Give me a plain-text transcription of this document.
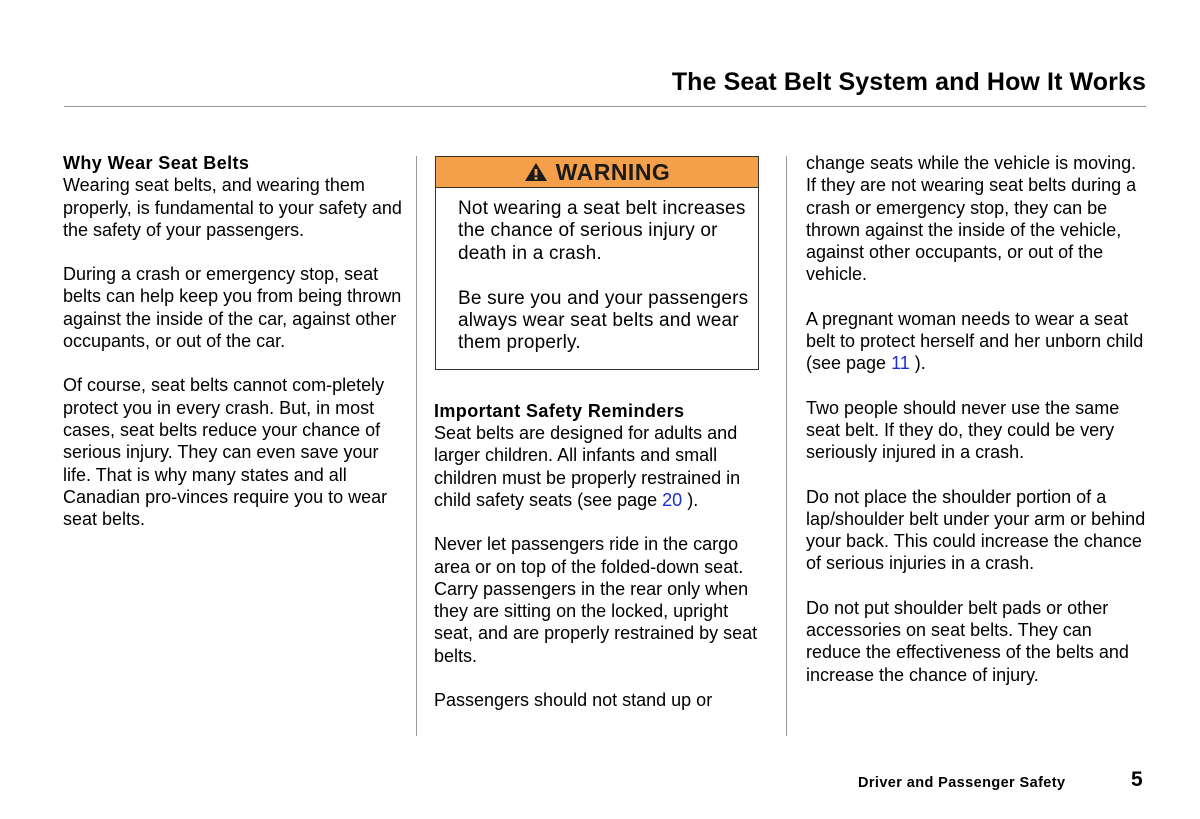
The Seat Belt System and How It Works
Why Wear Seat Belts

Wearing seat belts, and wearing them properly, is fundamental to your safety and the safety of your passengers.

During a crash or emergency stop, seat belts can help keep you from being thrown against the inside of the car, against other occupants, or out of the car.

Of course, seat belts cannot com-pletely protect you in every crash. But, in most cases, seat belts reduce your chance of serious injury. They can even save your life. That is why many states and all Canadian pro-vinces require you to wear seat belts.

WARNING

Not wearing a seat belt increases the chance of serious injury or death in a crash.

Be sure you and your passengers always wear seat belts and wear them properly.

Important Safety Reminders

Seat belts are designed for adults and larger children. All infants and small children must be properly restrained in child safety seats (see page 20 ).

Never let passengers ride in the cargo area or on top of the folded-down seat. Carry passengers in the rear only when they are sitting on the locked, upright seat, and are properly restrained by seat belts.

Passengers should not stand up or

change seats while the vehicle is moving. If they are not wearing seat belts during a crash or emergency stop, they can be thrown against the inside of the vehicle, against other occupants, or out of the vehicle.

A pregnant woman needs to wear a seat belt to protect herself and her unborn child (see page 11 ).

Two people should never use the same seat belt. If they do, they could be very seriously injured in a crash.

Do not place the shoulder portion of a lap/shoulder belt under your arm or behind your back. This could increase the chance of serious injuries in a crash.

Do not put shoulder belt pads or other accessories on seat belts. They can reduce the effectiveness of the belts and increase the chance of injury.

Driver and Passenger Safety	5
